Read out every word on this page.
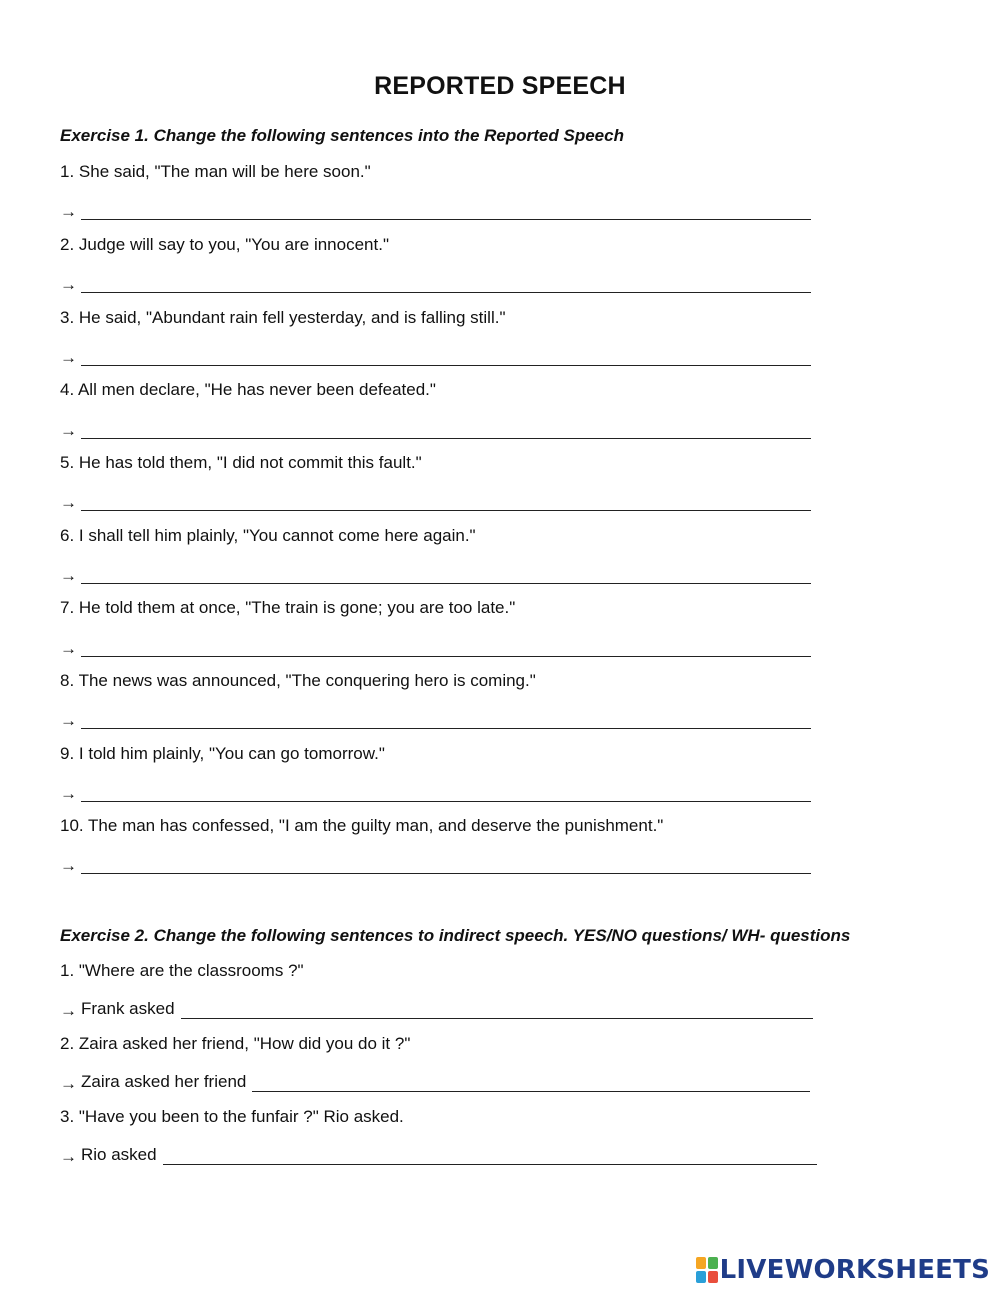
REPORTED SPEECH
Exercise 1. Change the following sentences into the Reported Speech
1. She said, "The man will be here soon."
→
2. Judge will say to you, "You are innocent."
→
3. He said, "Abundant rain fell yesterday, and is falling still."
→
4. All men declare, "He has never been defeated."
→
5. He has told them, "I did not commit this fault."
→
6. I shall tell him plainly, "You cannot come here again."
→
7. He told them at once, "The train is gone; you are too late."
→
8. The news was announced, "The conquering hero is coming."
→
9. I told him plainly, "You can go tomorrow."
→
10. The man has confessed, "I am the guilty man, and deserve the punishment."
→
Exercise 2. Change the following sentences to indirect speech. YES/NO questions/ WH- questions
1. "Where are the classrooms ?"
→ Frank asked
2. Zaira asked her friend, "How did you do it ?"
→ Zaira asked her friend
3. "Have you been to the funfair ?" Rio asked.
→ Rio asked
LIVEWORKSHEETS
